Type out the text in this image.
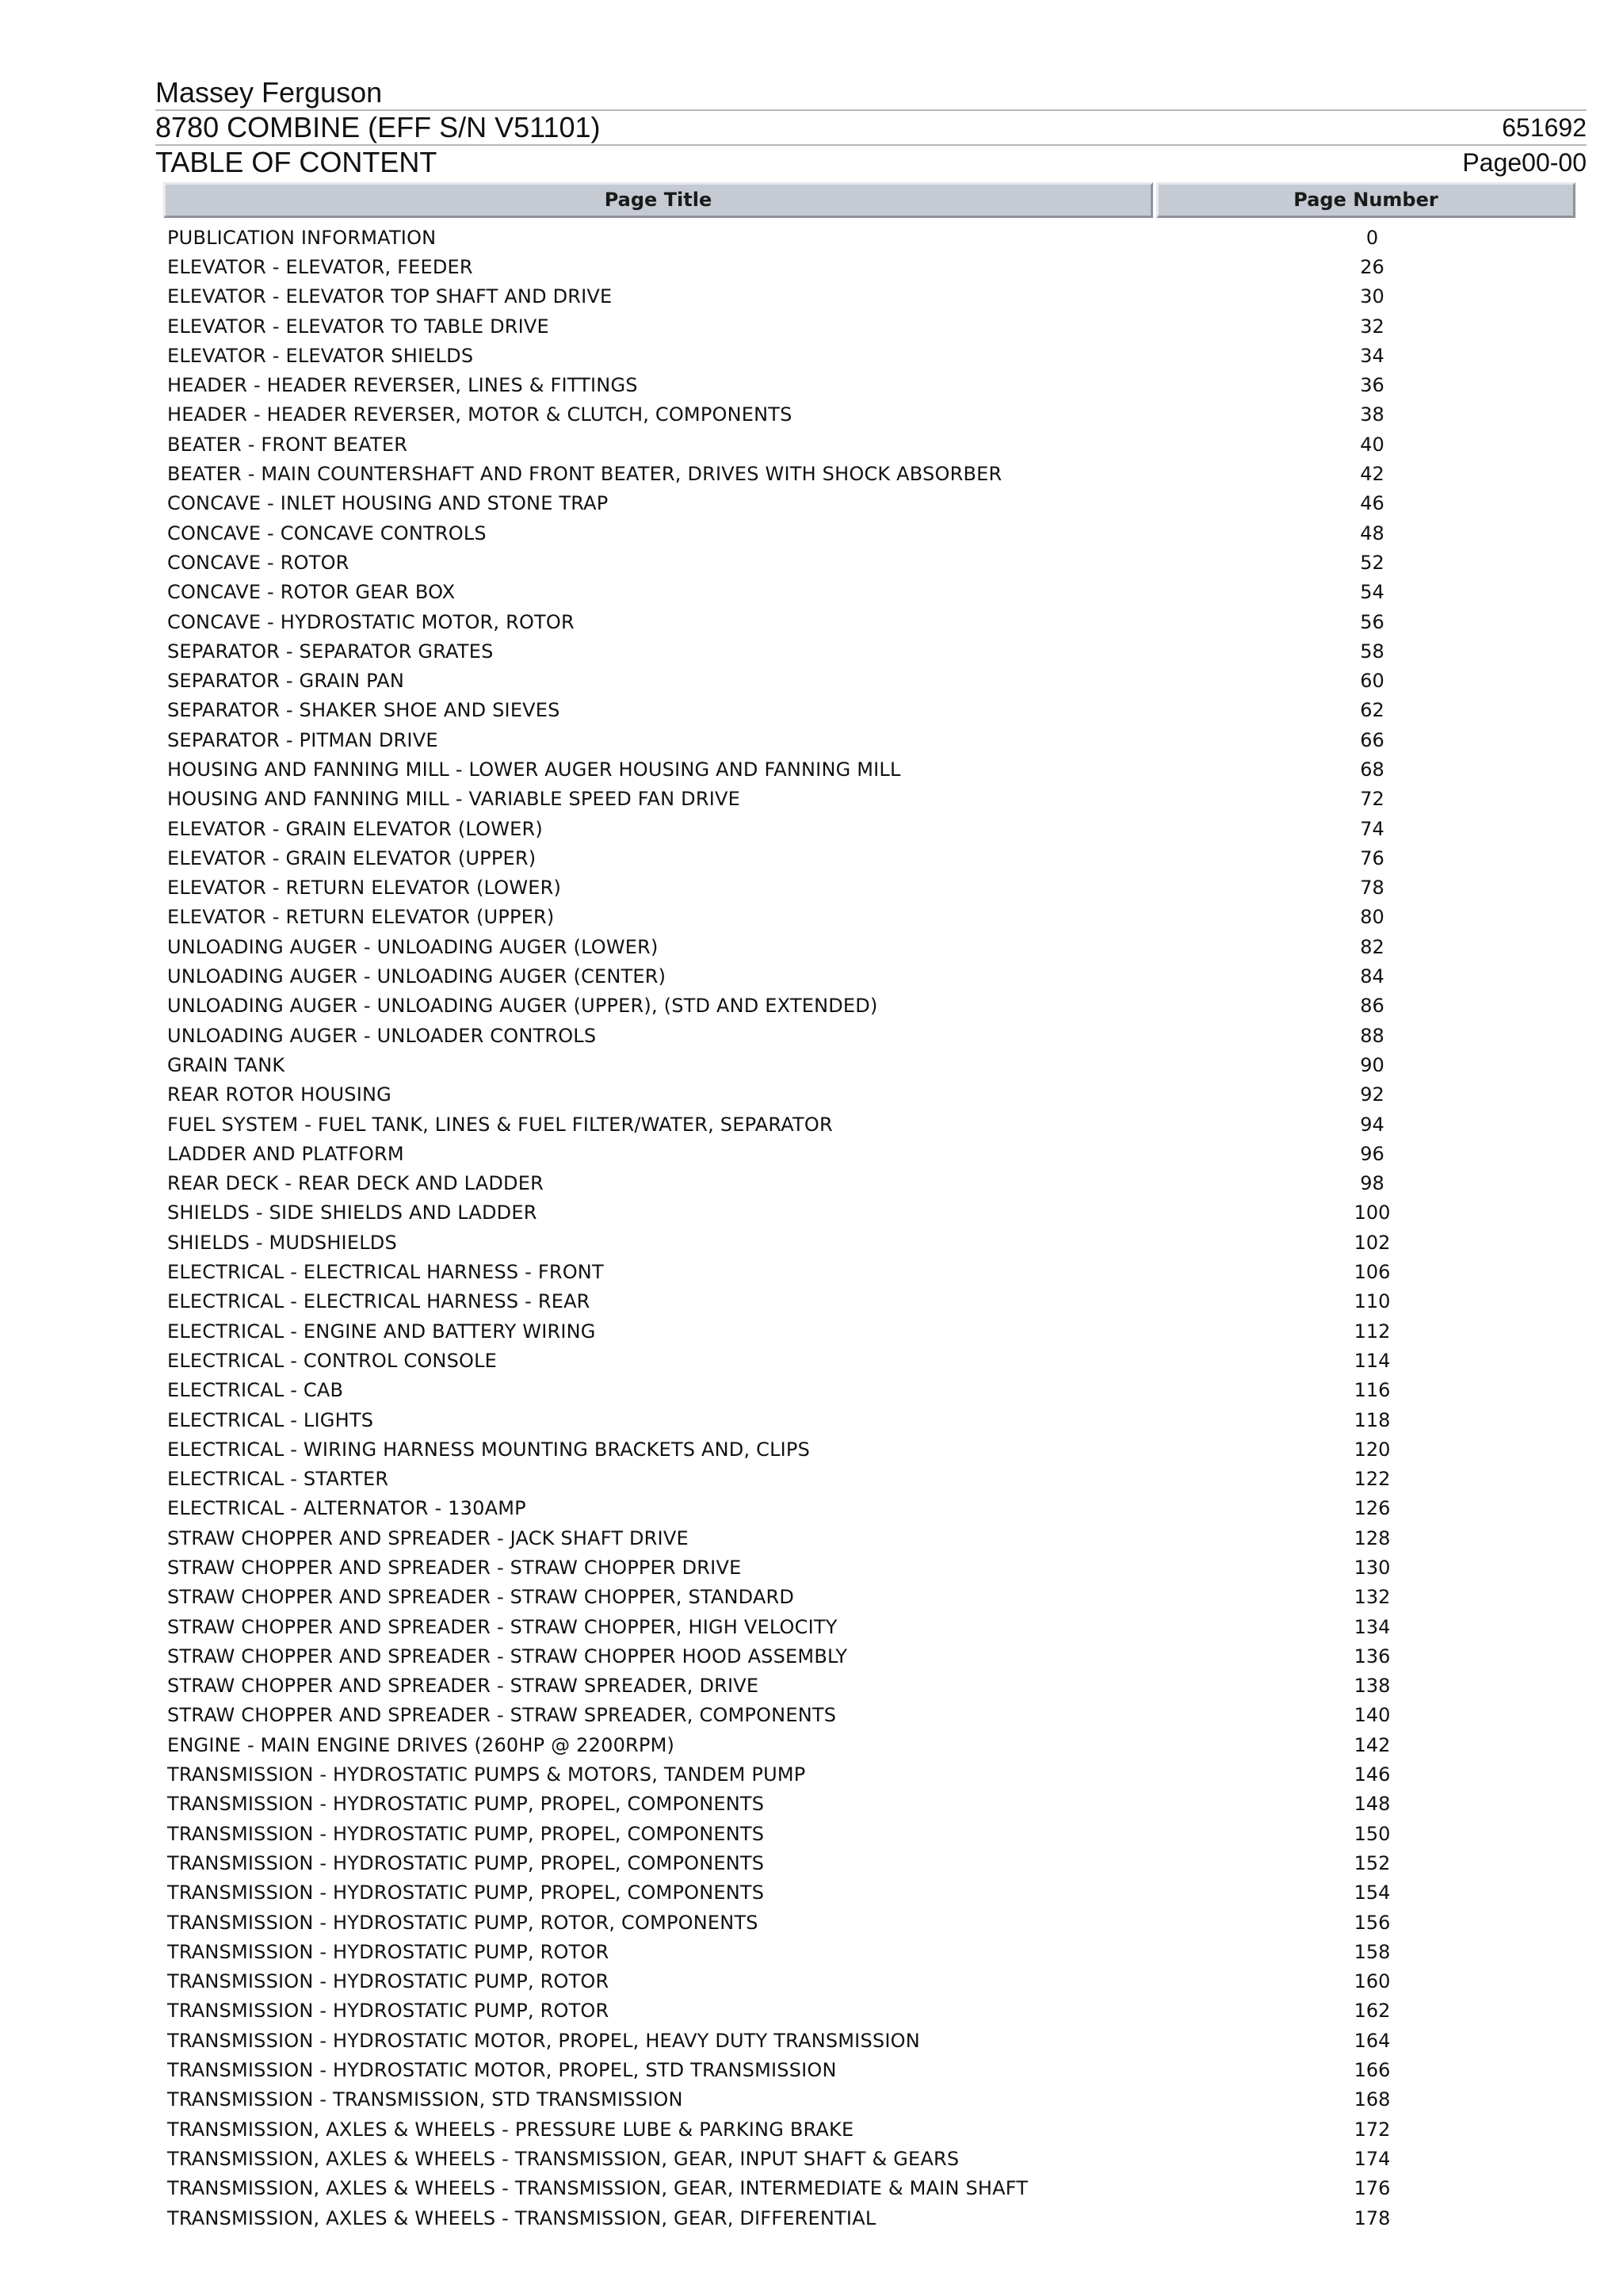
Massey Ferguson
8780 COMBINE (EFF S/N V51101)	651692
TABLE OF CONTENT	Page00-00
Page Title	Page Number
PUBLICATION INFORMATION	0
ELEVATOR - ELEVATOR, FEEDER	26
ELEVATOR - ELEVATOR TOP SHAFT AND DRIVE	30
ELEVATOR - ELEVATOR TO TABLE DRIVE	32
ELEVATOR - ELEVATOR SHIELDS	34
HEADER - HEADER REVERSER, LINES & FITTINGS	36
HEADER - HEADER REVERSER, MOTOR & CLUTCH, COMPONENTS	38
BEATER - FRONT BEATER	40
BEATER - MAIN COUNTERSHAFT AND FRONT BEATER, DRIVES WITH SHOCK ABSORBER	42
CONCAVE - INLET HOUSING AND STONE TRAP	46
CONCAVE - CONCAVE CONTROLS	48
CONCAVE - ROTOR	52
CONCAVE - ROTOR GEAR BOX	54
CONCAVE - HYDROSTATIC MOTOR, ROTOR	56
SEPARATOR - SEPARATOR GRATES	58
SEPARATOR - GRAIN PAN	60
SEPARATOR - SHAKER SHOE AND SIEVES	62
SEPARATOR - PITMAN DRIVE	66
HOUSING AND FANNING MILL - LOWER AUGER HOUSING AND FANNING MILL	68
HOUSING AND FANNING MILL - VARIABLE SPEED FAN DRIVE	72
ELEVATOR - GRAIN ELEVATOR (LOWER)	74
ELEVATOR - GRAIN ELEVATOR (UPPER)	76
ELEVATOR - RETURN ELEVATOR (LOWER)	78
ELEVATOR - RETURN ELEVATOR (UPPER)	80
UNLOADING AUGER - UNLOADING AUGER (LOWER)	82
UNLOADING AUGER - UNLOADING AUGER (CENTER)	84
UNLOADING AUGER - UNLOADING AUGER (UPPER), (STD AND EXTENDED)	86
UNLOADING AUGER - UNLOADER CONTROLS	88
GRAIN TANK	90
REAR ROTOR HOUSING	92
FUEL SYSTEM - FUEL TANK, LINES & FUEL FILTER/WATER, SEPARATOR	94
LADDER AND PLATFORM	96
REAR DECK - REAR DECK AND LADDER	98
SHIELDS - SIDE SHIELDS AND LADDER	100
SHIELDS - MUDSHIELDS	102
ELECTRICAL - ELECTRICAL HARNESS - FRONT	106
ELECTRICAL - ELECTRICAL HARNESS - REAR	110
ELECTRICAL - ENGINE AND BATTERY WIRING	112
ELECTRICAL - CONTROL CONSOLE	114
ELECTRICAL - CAB	116
ELECTRICAL - LIGHTS	118
ELECTRICAL - WIRING HARNESS MOUNTING BRACKETS AND, CLIPS	120
ELECTRICAL - STARTER	122
ELECTRICAL - ALTERNATOR - 130AMP	126
STRAW CHOPPER AND SPREADER - JACK SHAFT DRIVE	128
STRAW CHOPPER AND SPREADER - STRAW CHOPPER DRIVE	130
STRAW CHOPPER AND SPREADER - STRAW CHOPPER, STANDARD	132
STRAW CHOPPER AND SPREADER - STRAW CHOPPER, HIGH VELOCITY	134
STRAW CHOPPER AND SPREADER - STRAW CHOPPER HOOD ASSEMBLY	136
STRAW CHOPPER AND SPREADER - STRAW SPREADER, DRIVE	138
STRAW CHOPPER AND SPREADER - STRAW SPREADER, COMPONENTS	140
ENGINE - MAIN ENGINE DRIVES (260HP @ 2200RPM)	142
TRANSMISSION - HYDROSTATIC PUMPS & MOTORS, TANDEM PUMP	146
TRANSMISSION - HYDROSTATIC PUMP, PROPEL, COMPONENTS	148
TRANSMISSION - HYDROSTATIC PUMP, PROPEL, COMPONENTS	150
TRANSMISSION - HYDROSTATIC PUMP, PROPEL, COMPONENTS	152
TRANSMISSION - HYDROSTATIC PUMP, PROPEL, COMPONENTS	154
TRANSMISSION - HYDROSTATIC PUMP, ROTOR, COMPONENTS	156
TRANSMISSION - HYDROSTATIC PUMP, ROTOR	158
TRANSMISSION - HYDROSTATIC PUMP, ROTOR	160
TRANSMISSION - HYDROSTATIC PUMP, ROTOR	162
TRANSMISSION - HYDROSTATIC MOTOR, PROPEL, HEAVY DUTY TRANSMISSION	164
TRANSMISSION - HYDROSTATIC MOTOR, PROPEL, STD TRANSMISSION	166
TRANSMISSION - TRANSMISSION, STD TRANSMISSION	168
TRANSMISSION, AXLES & WHEELS - PRESSURE LUBE & PARKING BRAKE	172
TRANSMISSION, AXLES & WHEELS - TRANSMISSION, GEAR, INPUT SHAFT & GEARS	174
TRANSMISSION, AXLES & WHEELS - TRANSMISSION, GEAR, INTERMEDIATE & MAIN SHAFT	176
TRANSMISSION, AXLES & WHEELS - TRANSMISSION, GEAR, DIFFERENTIAL	178
